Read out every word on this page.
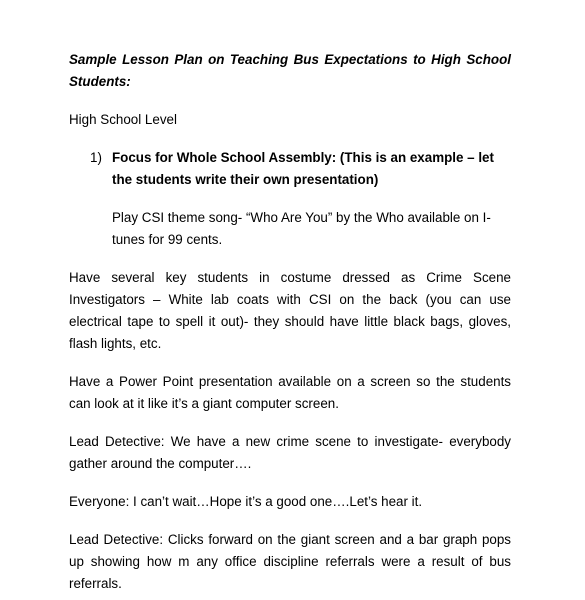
Sample Lesson Plan on Teaching Bus Expectations to High School Students:

High School Level

1) Focus for Whole School Assembly: (This is an example – let the students write their own presentation)

Play CSI theme song- “Who Are You” by the Who available on I-tunes for 99 cents.

Have several key students in costume dressed as Crime Scene Investigators – White lab coats with CSI on the back (you can use electrical tape to spell it out)- they should have little black bags, gloves, flash lights, etc.

Have a Power Point presentation available on a screen so the students can look at it like it’s a giant computer screen.

Lead Detective: We have a new crime scene to investigate- everybody gather around the computer….

Everyone: I can’t wait…Hope it’s a good one….Let’s hear it.

Lead Detective: Clicks forward on the giant screen and a bar graph pops up showing how m any office discipline referrals were a result of bus referrals.
